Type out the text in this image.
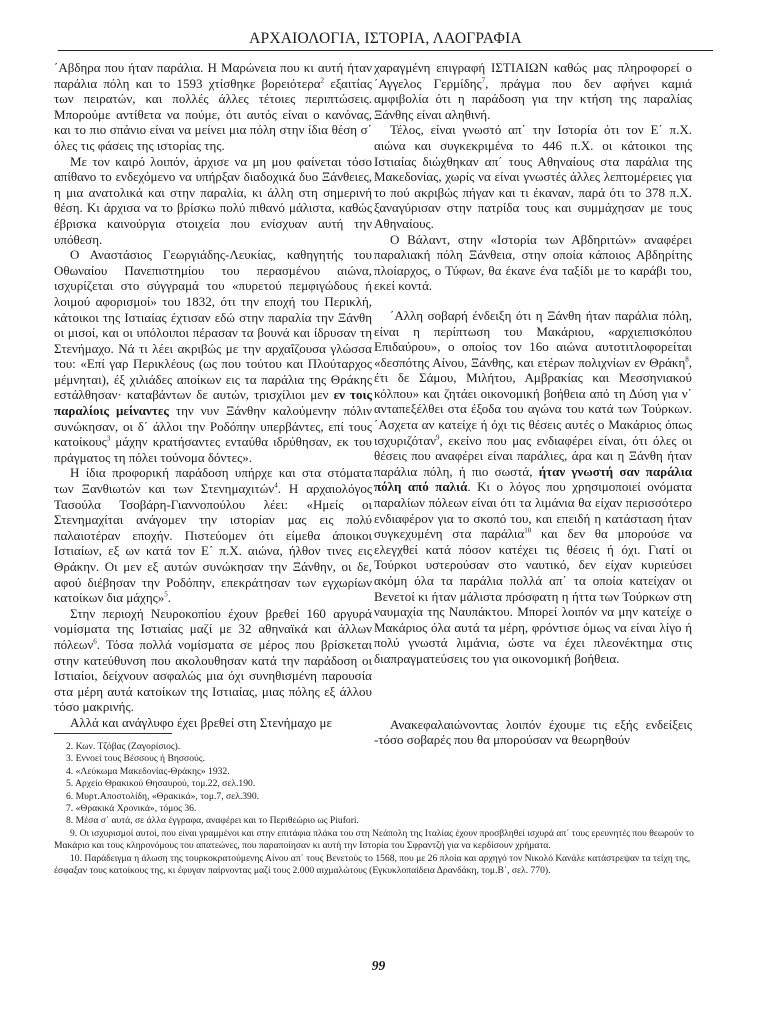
ΑΡΧΑΙΟΛΟΓΙΑ, ΙΣΤΟΡΙΑ, ΛΑΟΓΡΑΦΙΑ

΄Αβδηρα που ήταν παράλια. Η Μαρώνεια που κι αυτή ήταν παράλια πόλη και το 1593 χτίσθηκε βορειότερα$^2$ εξαιτίας των πειρατών, και πολλές άλλες τέτοιες περιπτώσεις. Μπορούμε αντίθετα να πούμε, ότι αυτός είναι ο κανόνας, και το πιο σπάνιο είναι να μείνει μια πόλη στην ίδια θέση σ΄ όλες τις φάσεις της ιστορίας της.

Με τον καιρό λοιπόν, άρχισε να μη μου φαίνεται τόσο απίθανο το ενδεχόμενο να υπήρξαν διαδοχικά δυο Ξάνθειες, η μια ανατολικά και στην παραλία, κι άλλη στη σημερινή θέση. Κι άρχισα να το βρίσκω πολύ πιθανό μάλιστα, καθώς έβρισκα καινούργια στοιχεία που ενίσχυαν αυτή την υπόθεση.

Ο Αναστάσιος Γεωργιάδης-Λευκίας, καθηγητής του Οθωναίου Πανεπιστημίου του περασμένου αιώνα, ισχυρίζεται στο σύγγραμά του «πυρετού πεμφιγώδους ή λοιμού αφορισμοί» του 1832, ότι την εποχή του Περικλή, κάτοικοι της Ιστιαίας έχτισαν εδώ στην παραλία την Ξάνθη οι μισοί, και οι υπόλοιποι πέρασαν τα βουνά και ίδρυσαν τη Στενήμαχο. Νά τι λέει ακριβώς με την αρχαΐζουσα γλώσσα του: «Επί γαρ Περικλέους (ως που τούτου και Πλούταρχος μέμνηται), έξ χιλιάδες αποίκων εις τα παράλια της Θράκης εστάλθησαν· καταβάντων δε αυτών, τρισχίλιοι μεν εν τοις παραλίοις μείναντες την νυν Ξάνθην καλούμενην πόλιν συνώκησαν, οι δ΄ άλλοι την Ροδόπην υπερβάντες, επί τους κατοίκους$^3$ μάχην κρατήσαντες ενταύθα ιδρύθησαν, εκ του πράγματος τη πόλει τούνομα δόντες».

Η ίδια προφορική παράδοση υπήρχε και στα στόματα των Ξανθιωτών και των Στενημαχιτών$^4$. Η αρχαιολόγος Τασούλα Τσοβάρη-Γιαννοπούλου λέει: «Ημείς οι Στενημαχίται ανάγομεν την ιστορίαν μας εις πολύ παλαιοτέραν εποχήν. Πιστεύομεν ότι είμεθα άποικοι Ιστιαίων, εξ ων κατά τον Ε΄ π.Χ. αιώνα, ήλθον τινες εις Θράκην. Οι μεν εξ αυτών συνώκησαν την Ξάνθην, οι δε, αφού διέβησαν την Ροδόπην, επεκράτησαν των εγχωρίων κατοίκων δια μάχης»$^5$.

Στην περιοχή Νευροκοπίου έχουν βρεθεί 160 αργυρά νομίσματα της Ιστιαίας μαζί με 32 αθηναϊκά και άλλων πόλεων$^6$. Τόσα πολλά νομίσματα σε μέρος που βρίσκεται στην κατεύθυνση που ακολουθησαν κατά την παράδοση οι Ιστιαίοι, δείχνουν ασφαλώς μια όχι συνηθισμένη παρουσία στα μέρη αυτά κατοίκων της Ιστιαίας, μιας πόλης εξ άλλου τόσο μακρινής.

Αλλά και ανάγλυφο έχει βρεθεί στη Στενήμαχο με

χαραγμένη επιγραφή ΙΣΤΙΑΙΩΝ καθώς μας πληροφορεί ο ΄Αγγελος Γερμίδης$^7$, πράγμα που δεν αφήνει καμιά αμφιβολία ότι η παράδοση για την κτήση της παραλίας Ξάνθης είναι αληθινή.

Τέλος, είναι γνωστό απ΄ την Ιστορία ότι τον Ε΄ π.Χ. αιώνα και συγκεκριμένα το 446 π.Χ. οι κάτοικοι της Ιστιαίας διώχθηκαν απ΄ τους Αθηναίους στα παράλια της Μακεδονίας, χωρίς να είναι γνωστές άλλες λεπτομέρειες για το πού ακριβώς πήγαν και τι έκαναν, παρά ότι το 378 π.Χ. ξαναγύρισαν στην πατρίδα τους και συμμάχησαν με τους Αθηναίους.

Ο Βάλαντ, στην «Ιστορία των Αβδηριτών» αναφέρει παραλιακή πόλη Ξάνθεια, στην οποία κάποιος Αβδηρίτης πλοίαρχος, ο Τύφων, θα έκανε ένα ταξίδι με το καράβι του, εκεί κοντά.

΄Αλλη σοβαρή ένδειξη ότι η Ξάνθη ήταν παράλια πόλη, είναι η περίπτωση του Μακάριου, «αρχιεπισκόπου Επιδαύρου», ο οποίος τον 16ο αιώνα αυτοτιτλοφορείται «δεσπότης Αίνου, Ξάνθης, και ετέρων πολιχνίων εν Θράκη$^8$, έτι δε Σάμου, Μιλήτου, Αμβρακίας και Μεσσηνιακού κόλπου» και ζητάει οικονομική βοήθεια από τη Δύση για ν΄ ανταπεξέλθει στα έξοδα του αγώνα του κατά των Τούρκων. ΄Ασχετα αν κατείχε ή όχι τις θέσεις αυτές ο Μακάριος όπως ισχυριζόταν$^9$, εκείνο που μας ενδιαφέρει είναι, ότι όλες οι θέσεις που αναφέρει είναι παράλιες, άρα και η Ξάνθη ήταν παράλια πόλη, ή πιο σωστά, ήταν γνωστή σαν παράλια πόλη από παλιά. Κι ο λόγος που χρησιμοποιεί ονόματα παραλίων πόλεων είναι ότι τα λιμάνια θα είχαν περισσότερο ενδιαφέρον για το σκοπό του, και επειδή η κατάσταση ήταν συγκεχυμένη στα παράλια$^{10}$ και δεν θα μπορούσε να ελεγχθεί κατά πόσον κατέχει τις θέσεις ή όχι. Γιατί οι Τούρκοι υστερούσαν στο ναυτικό, δεν είχαν κυριεύσει ακόμη όλα τα παράλια πολλά απ΄ τα οποία κατείχαν οι Βενετοί κι ήταν μάλιστα πρόσφατη η ήττα των Τούρκων στη ναυμαχία της Ναυπάκτου. Μπορεί λοιπόν να μην κατείχε ο Μακάριος όλα αυτά τα μέρη, φρόντισε όμως να είναι λίγο ή πολύ γνωστά λιμάνια, ώστε να έχει πλεονέκτημα στις διαπραγματεύσεις του για οικονομική βοήθεια.

Ανακεφαλαιώνοντας λοιπόν έχουμε τις εξής ενδείξεις -τόσο σοβαρές που θα μπορούσαν να θεωρηθούν

2. Κων. Τζόβας (Ζαγορίσιος).
3. Εννοεί τους Βέσσους ή Βησσούς.
4. «Λεύκωμα Μακεδονίας-Θράκης» 1932.
5. Αρχείο Θρακικού Θησαυρού, τομ.22, σελ.190.
6. Μυρτ.Αποστολίδη, «Θρακικά», τομ.7, σελ.390.
7. «Θρακικά Χρονικά», τόμος 36.
8. Μέσα σ΄ αυτά, σε άλλα έγγραφα, αναφέρει και το Περιθεώριο ως Piufori.
9. Οι ισχυρισμοί αυτοί, που είναι γραμμένοι και στην επιτάφια πλάκα του στη Νεάπολη της Ιταλίας έχουν προσβληθεί ισχυρά απ΄ τους ερευνητές που θεωρούν το Μακάριο και τους κληρονόμους του απατεώνες, που παραποίησαν κι αυτή την Ιστορία του Σφραντζή για να κερδίσουν χρήματα.
10. Παράδειγμα η άλωση της τουρκοκρατούμενης Αίνου απ΄ τους Βενετούς το 1568, που με 26 πλοία και αρχηγό τον Νικολό Κανάλε κατάστρεψαν τα τείχη της, έσφαξαν τους κατοίκους της, κι έφυγαν παίρνοντας μαζί τους 2.000 αιχμαλώτους (Εγκυκλοπαίδεια Δρανδάκη, τομ.Β΄, σελ. 770).
99
